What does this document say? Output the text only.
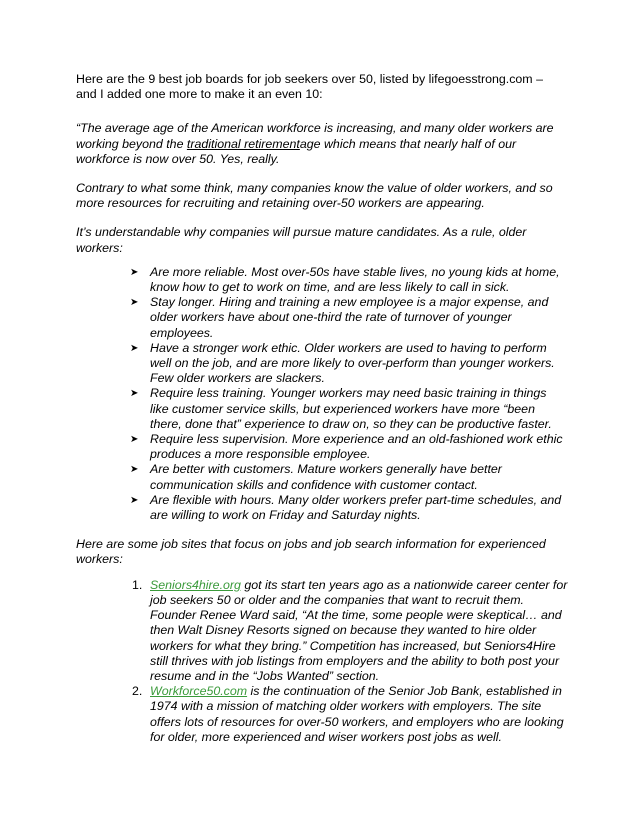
Here are the 9 best job boards for job seekers over 50, listed by lifegoesstrong.com –
and I added one more to make it an even 10:

“The average age of the American workforce is increasing, and many older workers are working beyond the traditional retirementage which means that nearly half of our workforce is now over 50. Yes, really.

Contrary to what some think, many companies know the value of older workers, and so more resources for recruiting and retaining over-50 workers are appearing.

It’s understandable why companies will pursue mature candidates. As a rule, older workers:

➤ Are more reliable. Most over-50s have stable lives, no young kids at home, know how to get to work on time, and are less likely to call in sick.
➤ Stay longer. Hiring and training a new employee is a major expense, and older workers have about one-third the rate of turnover of younger employees.
➤ Have a stronger work ethic. Older workers are used to having to perform well on the job, and are more likely to over-perform than younger workers. Few older workers are slackers.
➤ Require less training. Younger workers may need basic training in things like customer service skills, but experienced workers have more “been there, done that” experience to draw on, so they can be productive faster.
➤ Require less supervision. More experience and an old-fashioned work ethic produces a more responsible employee.
➤ Are better with customers. Mature workers generally have better communication skills and confidence with customer contact.
➤ Are flexible with hours. Many older workers prefer part-time schedules, and are willing to work on Friday and Saturday nights.

Here are some job sites that focus on jobs and job search information for experienced workers:

1. Seniors4hire.org got its start ten years ago as a nationwide career center for job seekers 50 or older and the companies that want to recruit them. Founder Renee Ward said, “At the time, some people were skeptical… and then Walt Disney Resorts signed on because they wanted to hire older workers for what they bring.” Competition has increased, but Seniors4Hire still thrives with job listings from employers and the ability to both post your resume and in the “Jobs Wanted” section.
2. Workforce50.com is the continuation of the Senior Job Bank, established in 1974 with a mission of matching older workers with employers. The site offers lots of resources for over-50 workers, and employers who are looking for older, more experienced and wiser workers post jobs as well.
